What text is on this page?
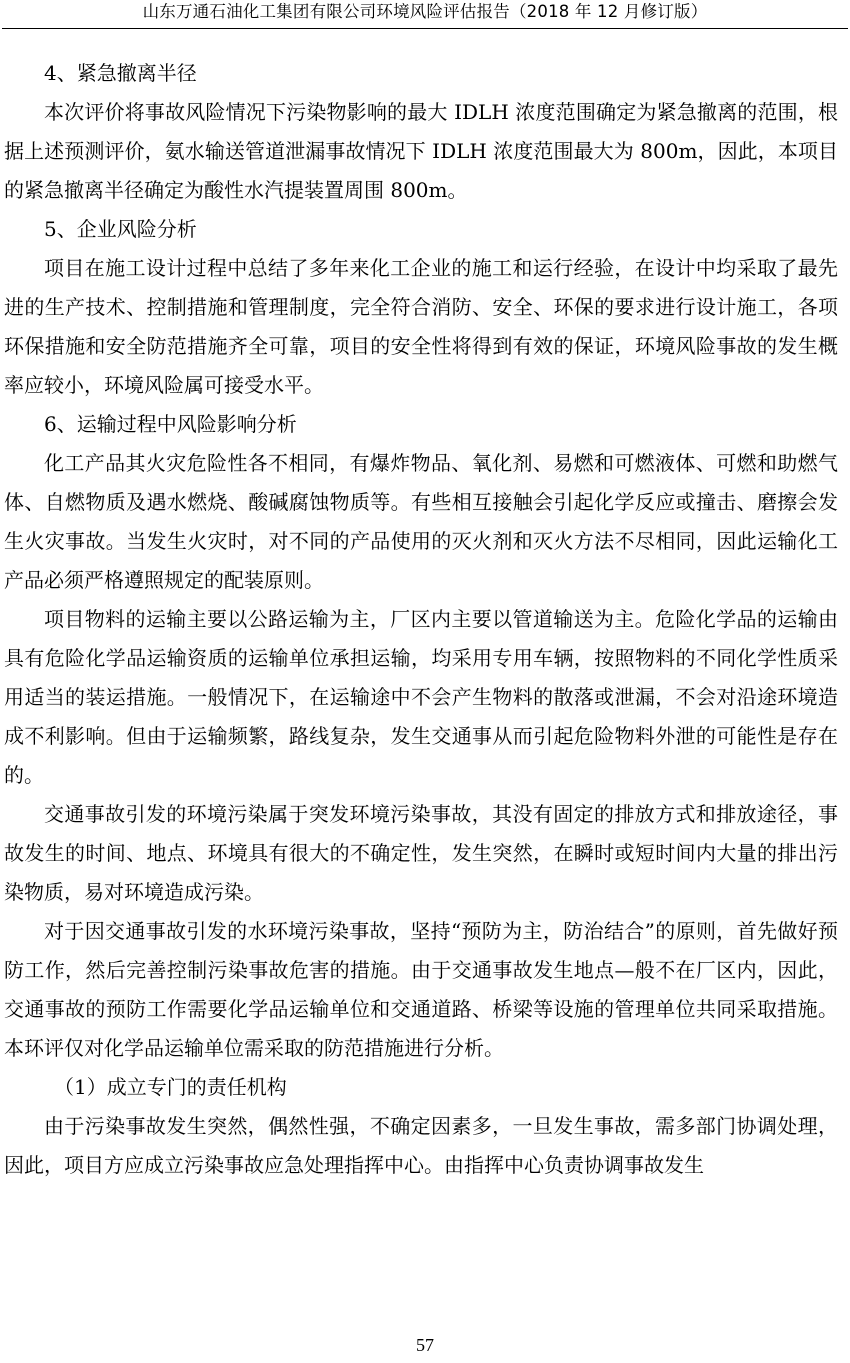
山东万通石油化工集团有限公司环境风险评估报告（2018 年 12 月修订版）
4、紧急撤离半径
本次评价将事故风险情况下污染物影响的最大 IDLH 浓度范围确定为紧急撤离的范围，根据上述预测评价，氨水输送管道泄漏事故情况下 IDLH 浓度范围最大为 800m，因此，本项目的紧急撤离半径确定为酸性水汽提装置周围 800m。
5、企业风险分析
项目在施工设计过程中总结了多年来化工企业的施工和运行经验，在设计中均采取了最先进的生产技术、控制措施和管理制度，完全符合消防、安全、环保的要求进行设计施工，各项环保措施和安全防范措施齐全可靠，项目的安全性将得到有效的保证，环境风险事故的发生概率应较小，环境风险属可接受水平。
6、运输过程中风险影响分析
化工产品其火灾危险性各不相同，有爆炸物品、氧化剂、易燃和可燃液体、可燃和助燃气体、自燃物质及遇水燃烧、酸碱腐蚀物质等。有些相互接触会引起化学反应或撞击、磨擦会发生火灾事故。当发生火灾时，对不同的产品使用的灭火剂和灭火方法不尽相同，因此运输化工产品必须严格遵照规定的配装原则。
项目物料的运输主要以公路运输为主，厂区内主要以管道输送为主。危险化学品的运输由具有危险化学品运输资质的运输单位承担运输，均采用专用车辆，按照物料的不同化学性质采用适当的装运措施。一般情况下，在运输途中不会产生物料的散落或泄漏，不会对沿途环境造成不利影响。但由于运输频繁，路线复杂，发生交通事从而引起危险物料外泄的可能性是存在的。
交通事故引发的环境污染属于突发环境污染事故，其没有固定的排放方式和排放途径，事故发生的时间、地点、环境具有很大的不确定性，发生突然，在瞬时或短时间内大量的排出污染物质，易对环境造成污染。
对于因交通事故引发的水环境污染事故，坚持“预防为主，防治结合”的原则，首先做好预防工作，然后完善控制污染事故危害的措施。由于交通事故发生地点—般不在厂区内，因此，交通事故的预防工作需要化学品运输单位和交通道路、桥梁等设施的管理单位共同采取措施。本环评仅对化学品运输单位需采取的防范措施进行分析。
（1）成立专门的责任机构
由于污染事故发生突然，偶然性强，不确定因素多，一旦发生事故，需多部门协调处理，因此，项目方应成立污染事故应急处理指挥中心。由指挥中心负责协调事故发生
57
